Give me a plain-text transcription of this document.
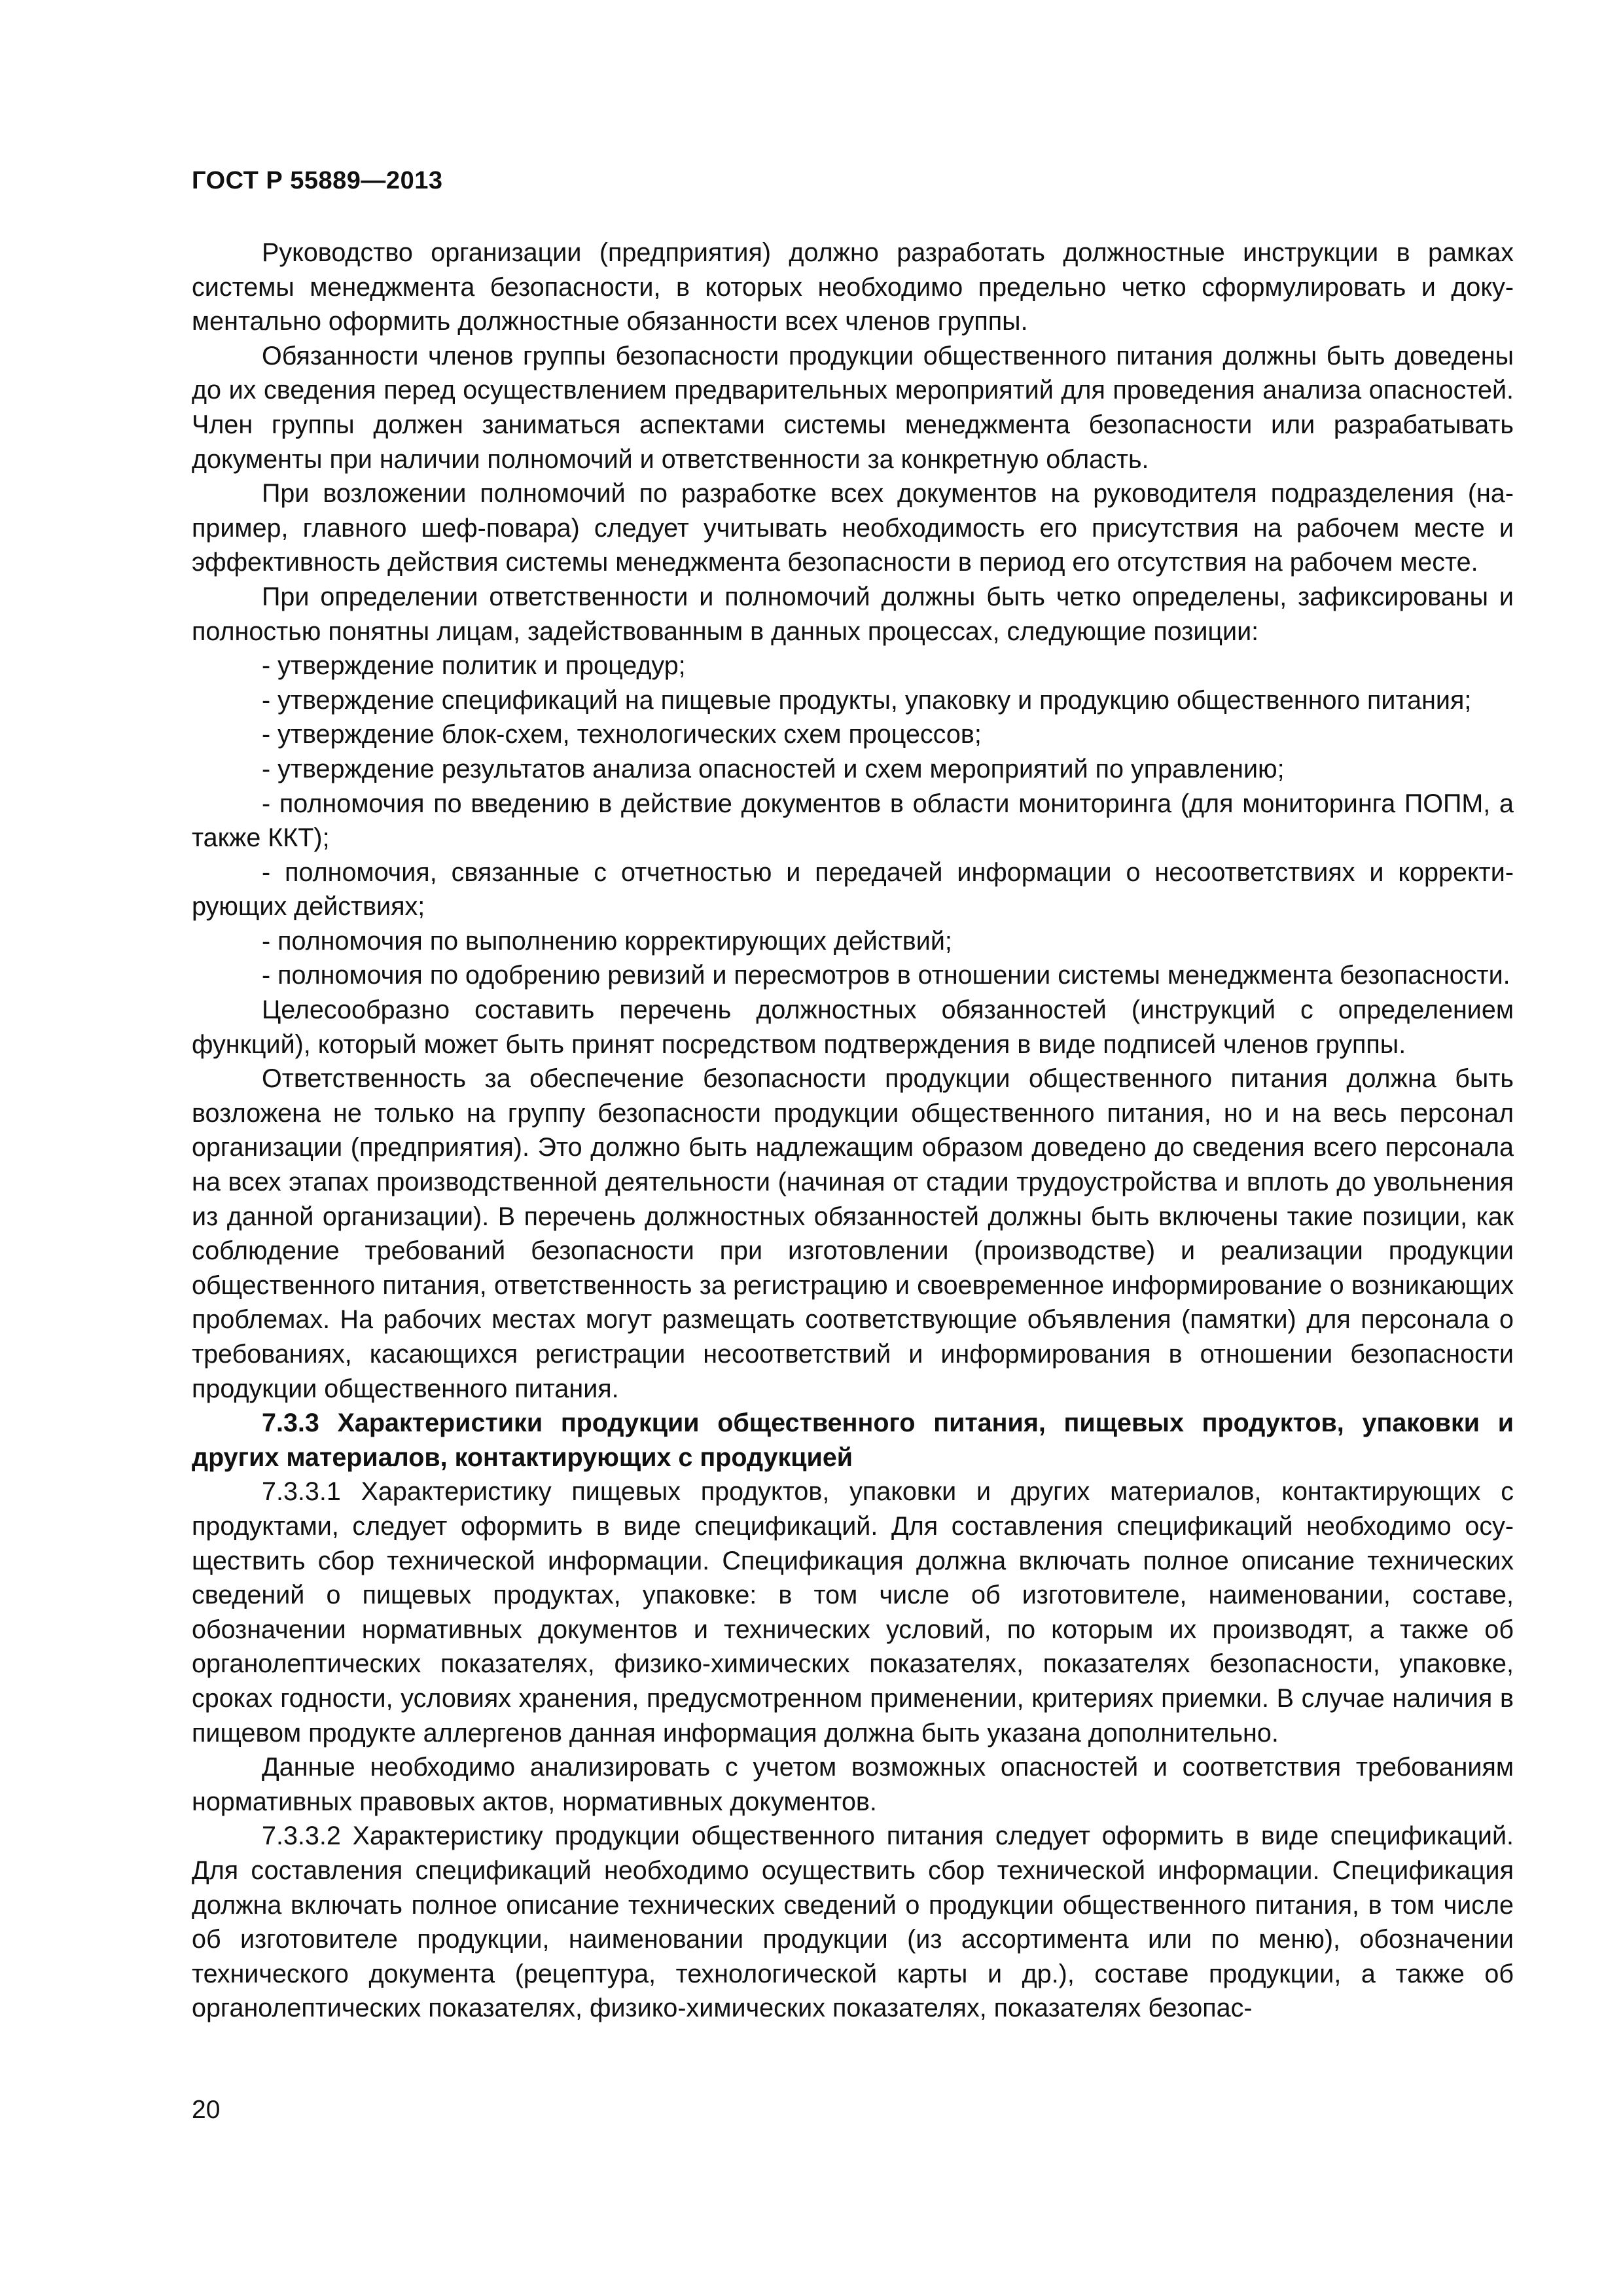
ГОСТ Р 55889—2013

Руководство организации (предприятия) должно разработать должностные инструкции в рамках системы менеджмента безопасности, в которых необходимо предельно четко сформулировать и документально оформить должностные обязанности всех членов группы.

Обязанности членов группы безопасности продукции общественного питания должны быть доведены до их сведения перед осуществлением предварительных мероприятий для проведения анализа опасностей. Член группы должен заниматься аспектами системы менеджмента безопасности или разрабатывать документы при наличии полномочий и ответственности за конкретную область.

При возложении полномочий по разработке всех документов на руководителя подразделения (например, главного шеф-повара) следует учитывать необходимость его присутствия на рабочем месте и эффективность действия системы менеджмента безопасности в период его отсутствия на рабочем месте.

При определении ответственности и полномочий должны быть четко определены, зафиксированы и полностью понятны лицам, задействованным в данных процессах, следующие позиции:

- утверждение политик и процедур;

- утверждение спецификаций на пищевые продукты, упаковку и продукцию общественного питания;

- утверждение блок-схем, технологических схем процессов;

- утверждение результатов анализа опасностей и схем мероприятий по управлению;

- полномочия по введению в действие документов в области мониторинга (для мониторинга ПОПМ, а также ККТ);

- полномочия, связанные с отчетностью и передачей информации о несоответствиях и корректирующих действиях;

- полномочия по выполнению корректирующих действий;

- полномочия по одобрению ревизий и пересмотров в отношении системы менеджмента безопасности.

Целесообразно составить перечень должностных обязанностей (инструкций с определением функций), который может быть принят посредством подтверждения в виде подписей членов группы.

Ответственность за обеспечение безопасности продукции общественного питания должна быть возложена не только на группу безопасности продукции общественного питания, но и на весь персонал организации (предприятия). Это должно быть надлежащим образом доведено до сведения всего персонала на всех этапах производственной деятельности (начиная от стадии трудоустройства и вплоть до увольнения из данной организации). В перечень должностных обязанностей должны быть включены такие позиции, как соблюдение требований безопасности при изготовлении (производстве) и реализации продукции общественного питания, ответственность за регистрацию и своевременное информирование о возникающих проблемах. На рабочих местах могут размещать соответствующие объявления (памятки) для персонала о требованиях, касающихся регистрации несоответствий и информирования в отношении безопасности продукции общественного питания.

7.3.3 Характеристики продукции общественного питания, пищевых продуктов, упаковки и других материалов, контактирующих с продукцией

7.3.3.1 Характеристику пищевых продуктов, упаковки и других материалов, контактирующих с продуктами, следует оформить в виде спецификаций. Для составления спецификаций необходимо осуществить сбор технической информации. Спецификация должна включать полное описание технических сведений о пищевых продуктах, упаковке: в том числе об изготовителе, наименовании, составе, обозначении нормативных документов и технических условий, по которым их производят, а также об органолептических показателях, физико-химических показателях, показателях безопасности, упаковке, сроках годности, условиях хранения, предусмотренном применении, критериях приемки. В случае наличия в пищевом продукте аллергенов данная информация должна быть указана дополнительно.

Данные необходимо анализировать с учетом возможных опасностей и соответствия требованиям нормативных правовых актов, нормативных документов.

7.3.3.2 Характеристику продукции общественного питания следует оформить в виде спецификаций. Для составления спецификаций необходимо осуществить сбор технической информации. Спецификация должна включать полное описание технических сведений о продукции общественного питания, в том числе об изготовителе продукции, наименовании продукции (из ассортимента или по меню), обозначении технического документа (рецептура, технологической карты и др.), составе продукции, а также об органолептических показателях, физико-химических показателях, показателях безопас-

20
